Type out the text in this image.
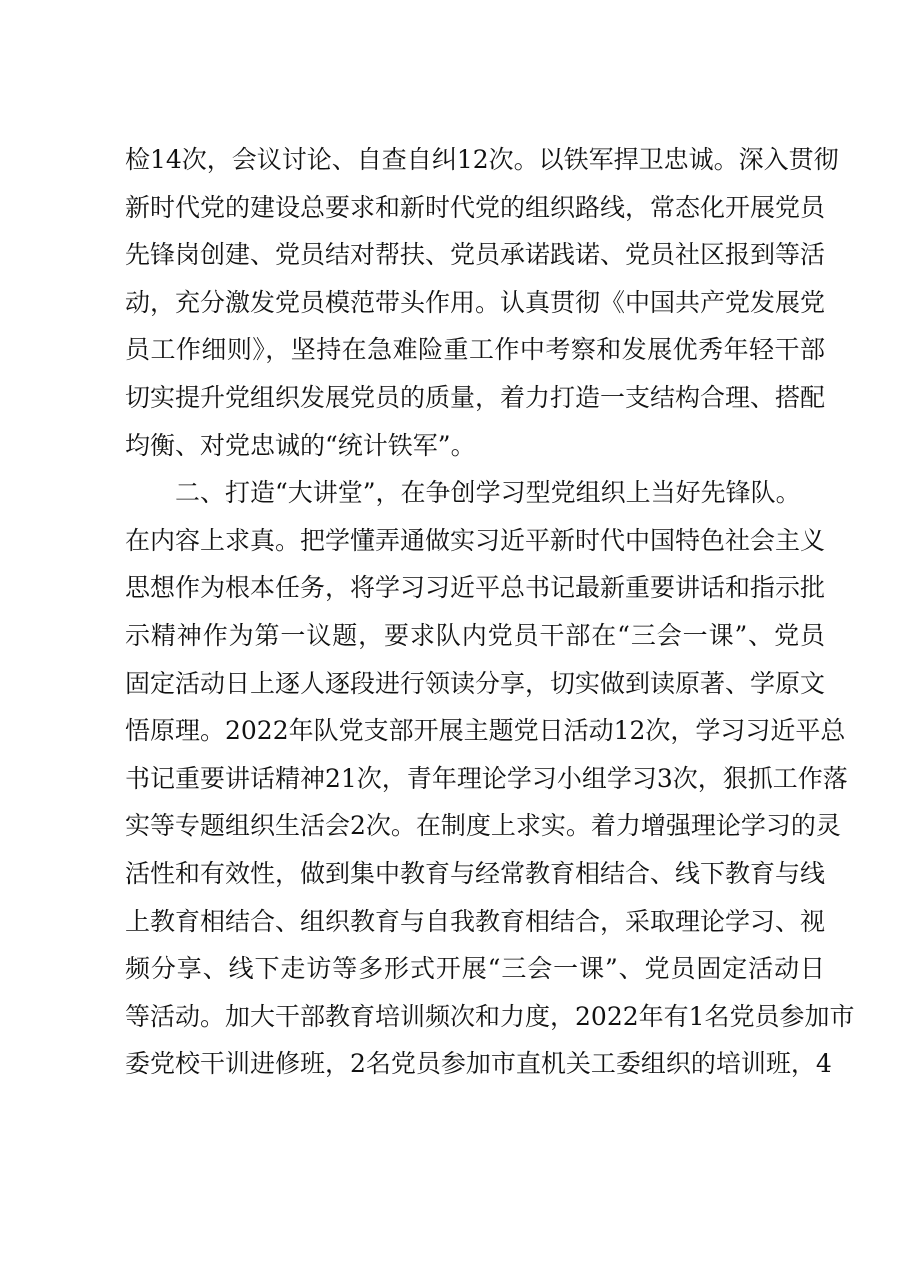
检14次，会议讨论、自查自纠12次。以铁军捍卫忠诚。深入贯彻
新时代党的建设总要求和新时代党的组织路线，常态化开展党员
先锋岗创建、党员结对帮扶、党员承诺践诺、党员社区报到等活
动，充分激发党员模范带头作用。认真贯彻《中国共产党发展党
员工作细则》，坚持在急难险重工作中考察和发展优秀年轻干部
切实提升党组织发展党员的质量，着力打造一支结构合理、搭配
均衡、对党忠诚的“统计铁军”。
二、打造“大讲堂”，在争创学习型党组织上当好先锋队。
在内容上求真。把学懂弄通做实习近平新时代中国特色社会主义
思想作为根本任务，将学习习近平总书记最新重要讲话和指示批
示精神作为第一议题，要求队内党员干部在“三会一课”、党员
固定活动日上逐人逐段进行领读分享，切实做到读原著、学原文
悟原理。2022年队党支部开展主题党日活动12次，学习习近平总
书记重要讲话精神21次，青年理论学习小组学习3次，狠抓工作落
实等专题组织生活会2次。在制度上求实。着力增强理论学习的灵
活性和有效性，做到集中教育与经常教育相结合、线下教育与线
上教育相结合、组织教育与自我教育相结合，采取理论学习、视
频分享、线下走访等多形式开展“三会一课”、党员固定活动日
等活动。加大干部教育培训频次和力度，2022年有1名党员参加市
委党校干训进修班，2名党员参加市直机关工委组织的培训班，4
